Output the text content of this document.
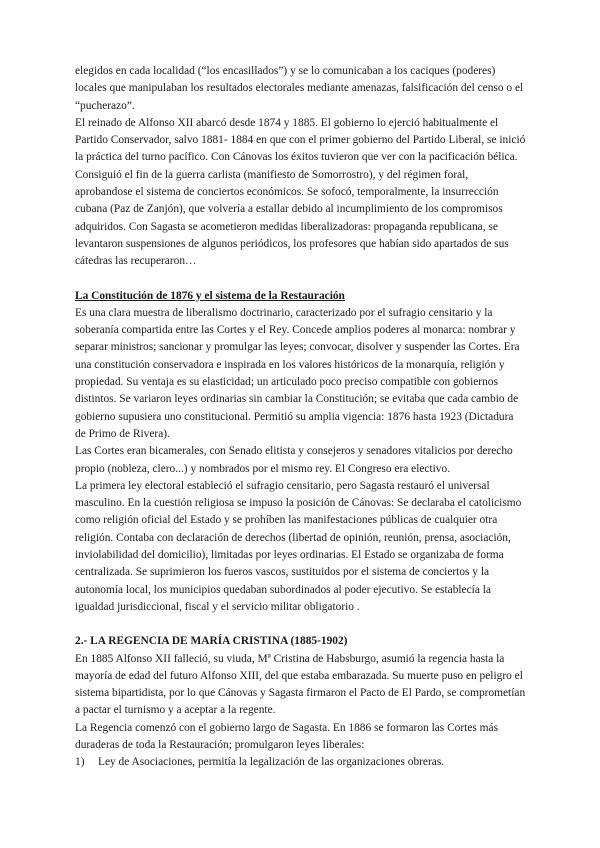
elegidos en cada localidad (“los encasillados”) y se lo comunicaban a los caciques (poderes) locales que manipulaban los resultados electorales mediante amenazas, falsificación del censo o el “pucherazo”.

El reinado de Alfonso XII abarcó desde 1874 y 1885. El gobierno lo ejerció habitualmente el Partido Conservador, salvo 1881- 1884 en que con el primer gobierno del Partido Liberal, se inició la práctica del turno pacífico. Con Cánovas los éxitos tuvieron que ver con la pacificación bélica. Consiguió el fin de la guerra carlista (manifiesto de Somorrostro), y del régimen foral, aprobandose el sistema de conciertos económicos. Se sofocó, temporalmente, la insurrección cubana (Paz de Zanjón), que volvería a estallar debido al incumplimiento de los compromisos adquiridos. Con Sagasta se acometieron medidas liberalizadoras: propaganda republicana, se levantaron suspensiones de algunos periódicos, los profesores que habían sido apartados de sus cátedras las recuperaron…

La Constitución de 1876 y el sistema de la Restauración

Es una clara muestra de liberalismo doctrinario, caracterizado por el sufragio censitario y la soberanía compartida entre las Cortes y el Rey. Concede amplios poderes al monarca: nombrar y separar ministros; sancionar y promulgar las leyes; convocar, disolver y suspender las Cortes. Era una constitución conservadora e inspirada en los valores históricos de la monarquía, religión y propiedad. Su ventaja es su elasticidad; un articulado poco preciso compatible con gobiernos distintos. Se variaron leyes ordinarias sin cambiar la Constitución; se evitaba que cada cambio de gobierno supusiera uno constitucional. Permitió su amplia vigencia: 1876 hasta 1923 (Dictadura de Primo de Rivera).

Las Cortes eran bicamerales, con Senado elitista y consejeros y senadores vitalicios por derecho propio (nobleza, clero...) y nombrados por el mismo rey. El Congreso era electivo.

La primera ley electoral estableció el sufragio censitario, pero Sagasta restauró el universal masculino. En la cuestión religiosa se impuso la posición de Cánovas: Se declaraba el catolicismo como religión oficial del Estado y se prohíben las manifestaciones públicas de cualquier otra religión. Contaba con declaración de derechos (libertad de opinión, reunión, prensa, asociación, inviolabilidad del domicilio), limitadas por leyes ordinarias. El Estado se organizaba de forma centralizada. Se suprimieron los fueros vascos, sustituidos por el sistema de conciertos y la autonomía local, los municipios quedaban subordinados al poder ejecutivo. Se establecía la igualdad jurisdiccional, fiscal y el servicio militar obligatorio .

2.- LA REGENCIA DE MARÍA CRISTINA (1885-1902)

En 1885 Alfonso XII falleció, su viuda, Mª Cristina de Habsburgo, asumió la regencia hasta la mayoría de edad del futuro Alfonso XIII, del que estaba embarazada. Su muerte puso en peligro el sistema bipartidista, por lo que Cánovas y Sagasta firmaron el Pacto de El Pardo, se comprometían a pactar el turnismo y a aceptar a la regente.

La Regencia comenzó con el gobierno largo de Sagasta. En 1886 se formaron las Cortes más duraderas de toda la Restauración; promulgaron leyes liberales:

1)	Ley de Asociaciones, permitía la legalización de las organizaciones obreras.
